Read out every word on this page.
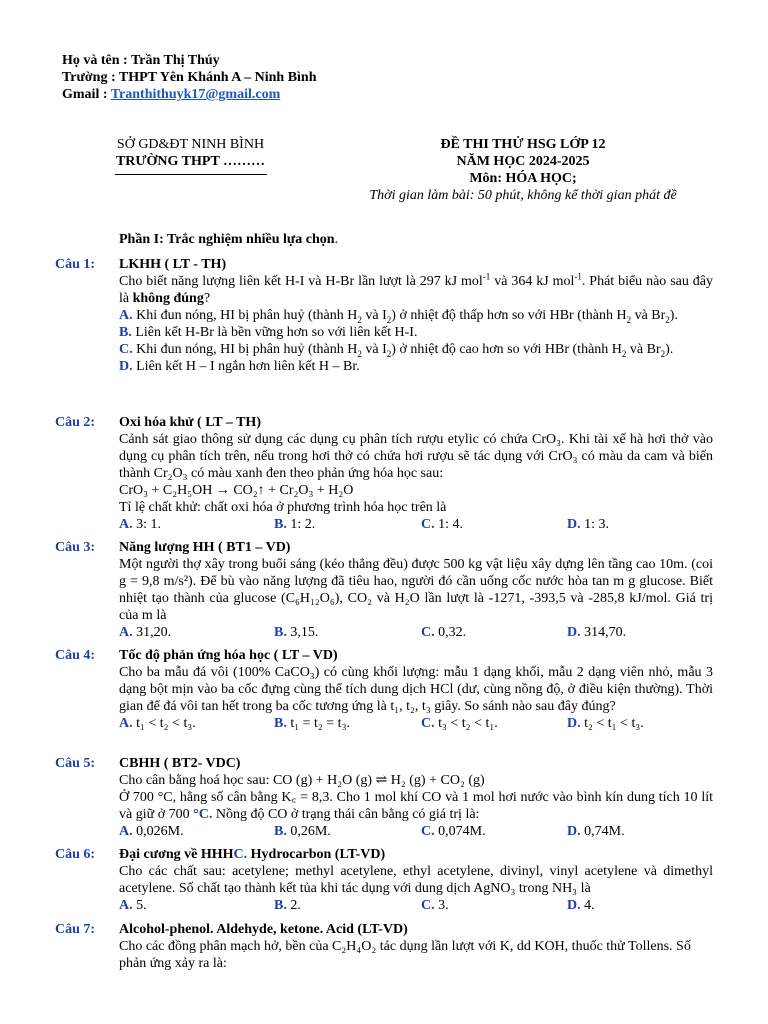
Họ và tên : Trần Thị Thúy
Trường : THPT Yên Khánh A – Ninh Bình
Gmail : Tranthithuyk17@gmail.com
SỞ GD&ĐT NINH BÌNH
TRƯỜNG THPT ………
ĐỀ THI THỬ HSG LỚP 12
NĂM HỌC 2024-2025
Môn: HÓA HỌC;
Thời gian làm bài: 50 phút, không kể thời gian phát đề
Phần I: Trắc nghiệm nhiều lựa chọn.
Câu 1: LKHH ( LT - TH)
Cho biết năng lượng liên kết H-I và H-Br lần lượt là 297 kJ mol$^{-1}$ và 364 kJ mol$^{-1}$. Phát biểu nào sau đây là không đúng?
A. Khi đun nóng, HI bị phân huỷ (thành $H_2$ và $I_2$) ở nhiệt độ thấp hơn so với HBr (thành $H_2$ và $Br_2$).
B. Liên kết H-Br là bền vững hơn so với liên kết H-I.
C. Khi đun nóng, HI bị phân huỷ (thành $H_2$ và $I_2$) ở nhiệt độ cao hơn so với HBr (thành $H_2$ và $Br_2$).
D. Liên kết H – I ngắn hơn liên kết H – Br.
Câu 2: Oxi hóa khử ( LT – TH)
Cảnh sát giao thông sử dụng các dụng cụ phân tích rượu etylic có chứa CrO₃. Khi tài xế hà hơi thở vào dụng cụ phân tích trên, nếu trong hơi thở có chứa hơi rượu sẽ tác dụng với CrO₃ có màu da cam và biến thành Cr₂O₃ có màu xanh đen theo phản ứng hóa học sau:
CrO₃ + C₂H₅OH → CO₂↑ + Cr₂O₃ + H₂O
Tỉ lệ chất khử: chất oxi hóa ở phương trình hóa học trên là
A. 3: 1.	B. 1: 2.	C. 1: 4.	D. 1: 3.
Câu 3: Năng lượng HH ( BT1 – VD)
Một người thợ xây trong buổi sáng (kéo thẳng đều) được 500 kg vật liệu xây dựng lên tầng cao 10m. (coi g = 9,8 m/s²). Để bù vào năng lượng đã tiêu hao, người đó cần uống cốc nước hòa tan m g glucose. Biết nhiệt tạo thành của glucose (C₆H₁₂O₆), CO₂ và H₂O lần lượt là -1271, -393,5 và -285,8 kJ/mol. Giá trị của m là
A. 31,20.	B. 3,15.	C. 0,32.	D. 314,70.
Câu 4: Tốc độ phản ứng hóa học ( LT – VD)
Cho ba mẫu đá vôi (100% CaCO₃) có cùng khối lượng: mẫu 1 dạng khối, mẫu 2 dạng viên nhỏ, mẫu 3 dạng bột mịn vào ba cốc đựng cùng thể tích dung dịch HCl (dư, cùng nồng độ, ở điều kiện thường). Thời gian để đá vôi tan hết trong ba cốc tương ứng là t₁, t₂, t₃ giây. So sánh nào sau đây đúng?
A. t₁ < t₂ < t₃.	B. t₁ = t₂ = t₃.	C. t₃ < t₂ < t₁.	D. t₂ < t₁ < t₃.
Câu 5: CBHH ( BT2- VDC)
Cho cân bằng hoá học sau: CO (g) + H₂O (g) ⇌ H₂ (g) + CO₂ (g)
Ở 700 °C, hằng số cân bằng K꜀ = 8,3. Cho 1 mol khí CO và 1 mol hơi nước vào bình kín dung tích 10 lít và giữ ở 700 °C. Nồng độ CO ở trạng thái cân bằng có giá trị là:
A. 0,026M.	B. 0,26M.	C. 0,074M.	D. 0,74M.
Câu 6: Đại cương về HHHC. Hydrocarbon (LT-VD)
Cho các chất sau: acetylene; methyl acetylene, ethyl acetylene, divinyl, vinyl acetylene và dimethyl acetylene. Số chất tạo thành kết tủa khi tác dụng với dung dịch AgNO₃ trong NH₃ là
A. 5.	B. 2.	C. 3.	D. 4.
Câu 7: Alcohol-phenol. Aldehyde, ketone. Acid (LT-VD)
Cho các đồng phân mạch hở, bền của C₂H₄O₂ tác dụng lần lượt với K, dd KOH, thuốc thử Tollens. Số phản ứng xảy ra là:
